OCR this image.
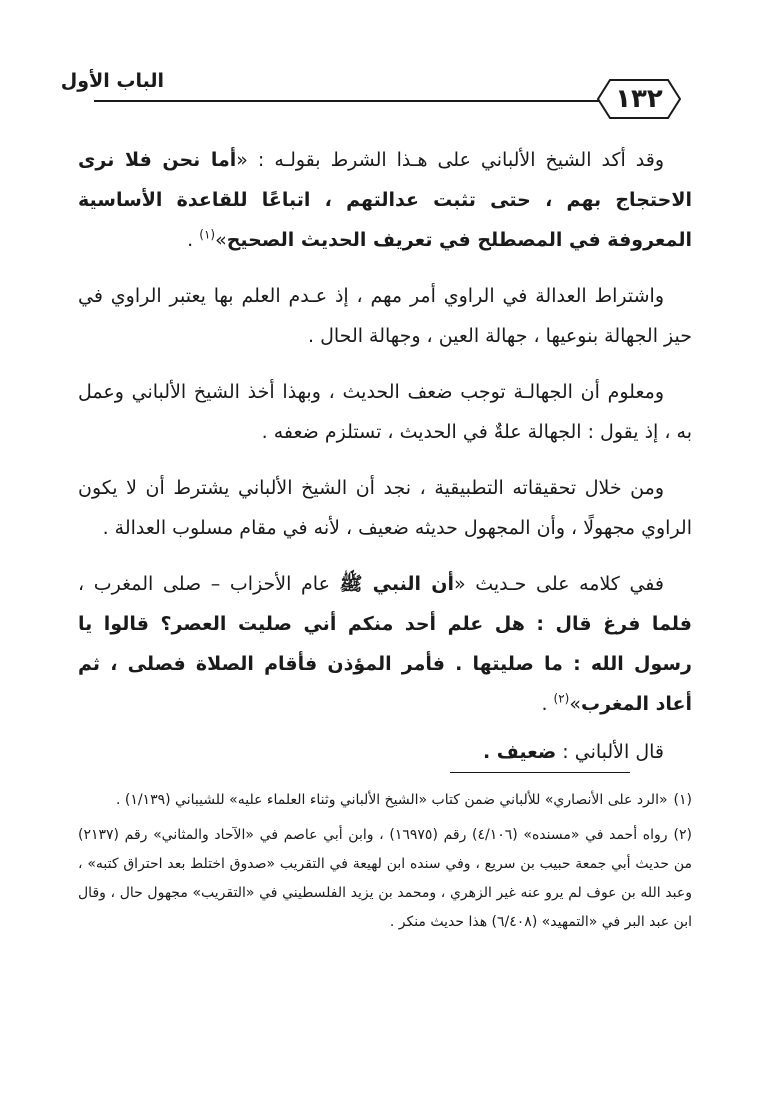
الباب الأول
١٣٢

وقد أكد الشيخ الألباني على هـذا الشرط بقولـه : «أما نحن فلا نرى الاحتجاج بهم ، حتى تثبت عدالتهم ، اتباعًا للقاعدة الأساسية المعروفة في المصطلح في تعريف الحديث الصحيح»$^{(١)}$ .

واشتراط العدالة في الراوي أمر مهم ، إذ عـدم العلم بها يعتبر الراوي في حيز الجهالة بنوعيها ، جهالة العين ، وجهالة الحال .

ومعلوم أن الجهالـة توجب ضعف الحديث ، وبهذا أخذ الشيخ الألباني وعمل به ، إذ يقول : الجهالة علةٌ في الحديث ، تستلزم ضعفه .

ومن خلال تحقيقاته التطبيقية ، نجد أن الشيخ الألباني يشترط أن لا يكون الراوي مجهولًا ، وأن المجهول حديثه ضعيف ، لأنه في مقام مسلوب العدالة .

ففي كلامه على حـديث «أن النبي ﷺ عام الأحزاب – صلى المغرب ، فلما فرغ قال : هل علم أحد منكم أني صليت العصر؟ قالوا يا رسول الله : ما صليتها . فأمر المؤذن فأقام الصلاة فصلى ، ثم أعاد المغرب»$^{(٢)}$ .

قال الألباني : ضعيف .

(١)«الرد على الأنصاري» للألباني ضمن كتاب «الشيخ الألباني وثناء العلماء عليه» للشيباني (١/١٣٩) .

(٢)رواه أحمد في «مسنده» (٤/١٠٦) رقم (١٦٩٧٥) ، وابن أبي عاصم في «الآحاد والمثاني» رقم (٢١٣٧) من حديث أبي جمعة حبيب بن سريع ، وفي سنده ابن لهيعة في التقريب «صدوق اختلط بعد احتراق كتبه» ، وعبد الله بن عوف لم يرو عنه غير الزهري ، ومحمد بن يزيد الفلسطيني في «التقريب» مجهول حال ، وقال ابن عبد البر في «التمهيد» (٦/٤٠٨) هذا حديث منكر .
